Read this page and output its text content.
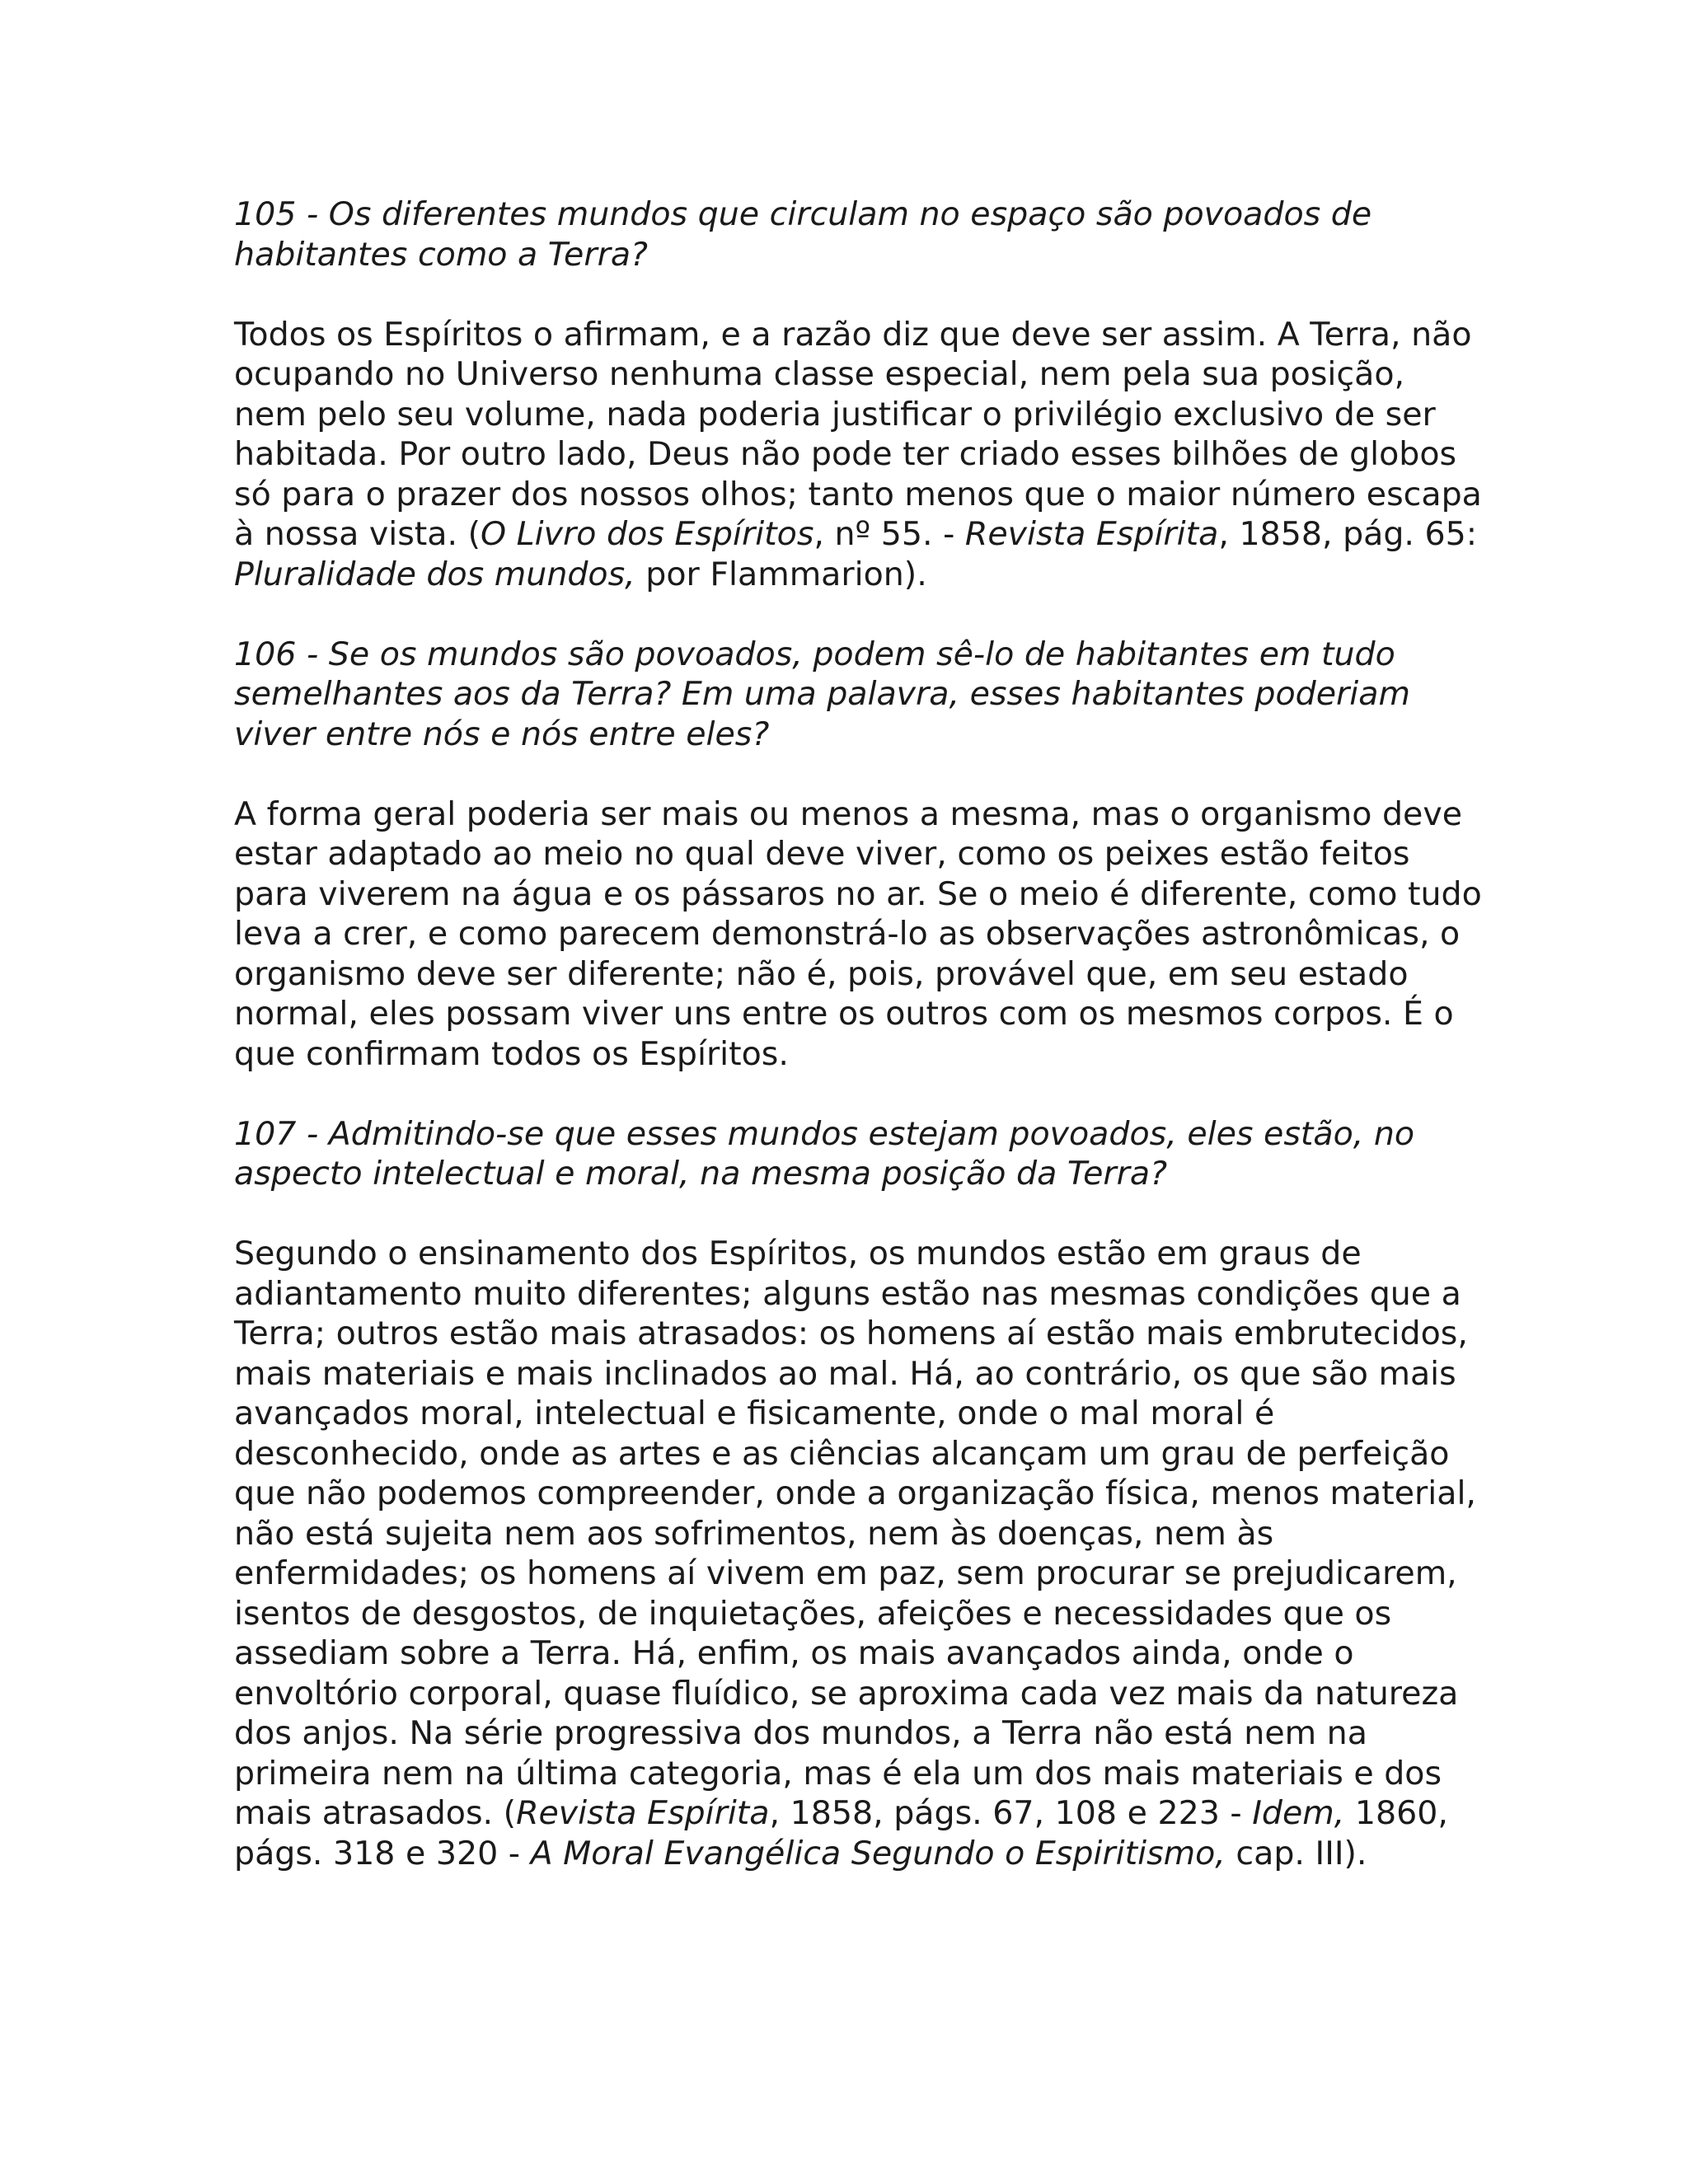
105 - Os diferentes mundos que circulam no espaço são povoados de habitantes como a Terra?

Todos os Espíritos o afirmam, e a razão diz que deve ser assim. A Terra, não ocupando no Universo nenhuma classe especial, nem pela sua posição, nem pelo seu volume, nada poderia justificar o privilégio exclusivo de ser habitada. Por outro lado, Deus não pode ter criado esses bilhões de globos só para o prazer dos nossos olhos; tanto menos que o maior número escapa à nossa vista. (O Livro dos Espíritos, nº 55. - Revista Espírita, 1858, pág. 65: Pluralidade dos mundos, por Flammarion).

106 - Se os mundos são povoados, podem sê-lo de habitantes em tudo semelhantes aos da Terra? Em uma palavra, esses habitantes poderiam viver entre nós e nós entre eles?

A forma geral poderia ser mais ou menos a mesma, mas o organismo deve estar adaptado ao meio no qual deve viver, como os peixes estão feitos para viverem na água e os pássaros no ar. Se o meio é diferente, como tudo leva a crer, e como parecem demonstrá-lo as observações astronômicas, o organismo deve ser diferente; não é, pois, provável que, em seu estado normal, eles possam viver uns entre os outros com os mesmos corpos. É o que confirmam todos os Espíritos.

107 - Admitindo-se que esses mundos estejam povoados, eles estão, no aspecto intelectual e moral, na mesma posição da Terra?

Segundo o ensinamento dos Espíritos, os mundos estão em graus de adiantamento muito diferentes; alguns estão nas mesmas condições que a Terra; outros estão mais atrasados: os homens aí estão mais embrutecidos, mais materiais e mais inclinados ao mal. Há, ao contrário, os que são mais avançados moral, intelectual e fisicamente, onde o mal moral é desconhecido, onde as artes e as ciências alcançam um grau de perfeição que não podemos compreender, onde a organização física, menos material, não está sujeita nem aos sofrimentos, nem às doenças, nem às enfermidades; os homens aí vivem em paz, sem procurar se prejudicarem, isentos de desgostos, de inquietações, afeições e necessidades que os assediam sobre a Terra. Há, enfim, os mais avançados ainda, onde o envoltório corporal, quase fluídico, se aproxima cada vez mais da natureza dos anjos. Na série progressiva dos mundos, a Terra não está nem na primeira nem na última categoria, mas é ela um dos mais materiais e dos mais atrasados. (Revista Espírita, 1858, págs. 67, 108 e 223 - Idem, 1860, págs. 318 e 320 - A Moral Evangélica Segundo o Espiritismo, cap. III).
